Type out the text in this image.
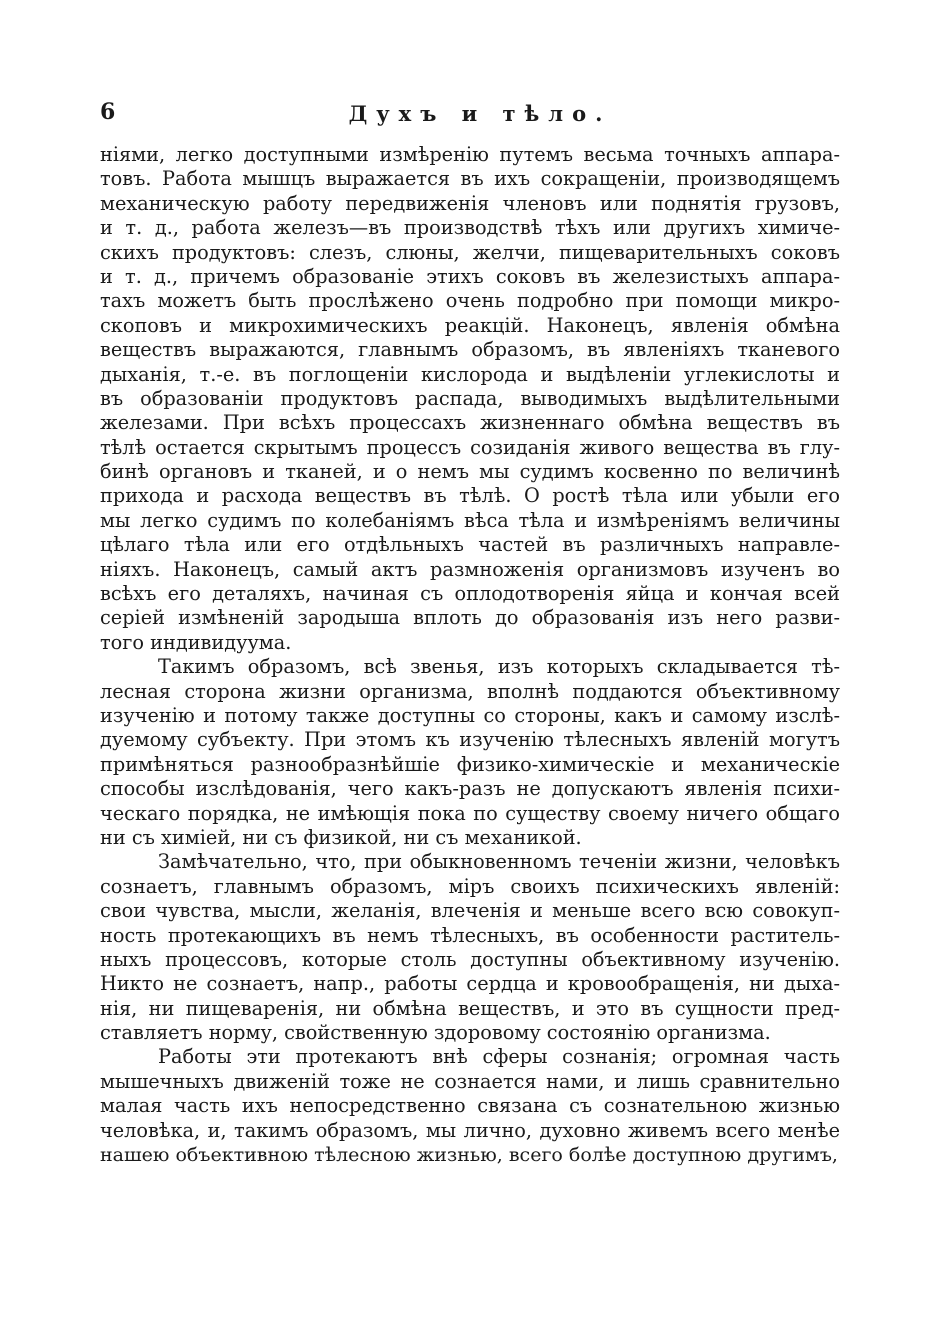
6	Духъ и тѣло.
ніями, легко доступными измѣренію путемъ весьма точныхъ аппара-
товъ. Работа мышцъ выражается въ ихъ сокращеніи, производящемъ
механическую работу передвиженія членовъ или поднятія грузовъ,
и т. д., работа железъ—въ производствѣ тѣхъ или другихъ химиче-
скихъ продуктовъ: слезъ, слюны, желчи, пищеварительныхъ соковъ
и т. д., причемъ образованіе этихъ соковъ въ железистыхъ аппара-
тахъ можетъ быть прослѣжено очень подробно при помощи микро-
скоповъ и микрохимическихъ реакцій. Наконецъ, явленія обмѣна
веществъ выражаются, главнымъ образомъ, въ явленіяхъ тканевого
дыханія, т.-е. въ поглощеніи кислорода и выдѣленіи углекислоты и
въ образованіи продуктовъ распада, выводимыхъ выдѣлительными
железами. При всѣхъ процессахъ жизненнаго обмѣна веществъ въ
тѣлѣ остается скрытымъ процессъ созиданія живого вещества въ глу-
бинѣ органовъ и тканей, и о немъ мы судимъ косвенно по величинѣ
прихода и расхода веществъ въ тѣлѣ. О ростѣ тѣла или убыли его
мы легко судимъ по колебаніямъ вѣса тѣла и измѣреніямъ величины
цѣлаго тѣла или его отдѣльныхъ частей въ различныхъ направле-
ніяхъ. Наконецъ, самый актъ размноженія организмовъ изученъ во
всѣхъ его деталяхъ, начиная съ оплодотворенія яйца и кончая всей
серіей измѣненій зародыша вплоть до образованія изъ него разви-
того индивидуума.
Такимъ образомъ, всѣ звенья, изъ которыхъ складывается тѣ-
лесная сторона жизни организма, вполнѣ поддаются объективному
изученію и потому также доступны со стороны, какъ и самому изслѣ-
дуемому субъекту. При этомъ къ изученію тѣлесныхъ явленій могутъ
примѣняться разнообразнѣйшіе физико-химическіе и механическіе
способы изслѣдованія, чего какъ-разъ не допускаютъ явленія психи-
ческаго порядка, не имѣющія пока по существу своему ничего общаго
ни съ химіей, ни съ физикой, ни съ механикой.
Замѣчательно, что, при обыкновенномъ теченіи жизни, человѣкъ
сознаетъ, главнымъ образомъ, міръ своихъ психическихъ явленій:
свои чувства, мысли, желанія, влеченія и меньше всего всю совокуп-
ность протекающихъ въ немъ тѣлесныхъ, въ особенности раститель-
ныхъ процессовъ, которые столь доступны объективному изученію.
Никто не сознаетъ, напр., работы сердца и кровообращенія, ни дыха-
нія, ни пищеваренія, ни обмѣна веществъ, и это въ сущности пред-
ставляетъ норму, свойственную здоровому состоянію организма.
Работы эти протекаютъ внѣ сферы сознанія; огромная часть
мышечныхъ движеній тоже не сознается нами, и лишь сравнительно
малая часть ихъ непосредственно связана съ сознательною жизнью
человѣка, и, такимъ образомъ, мы лично, духовно живемъ всего менѣе
нашею объективною тѣлесною жизнью, всего болѣе доступною другимъ,
